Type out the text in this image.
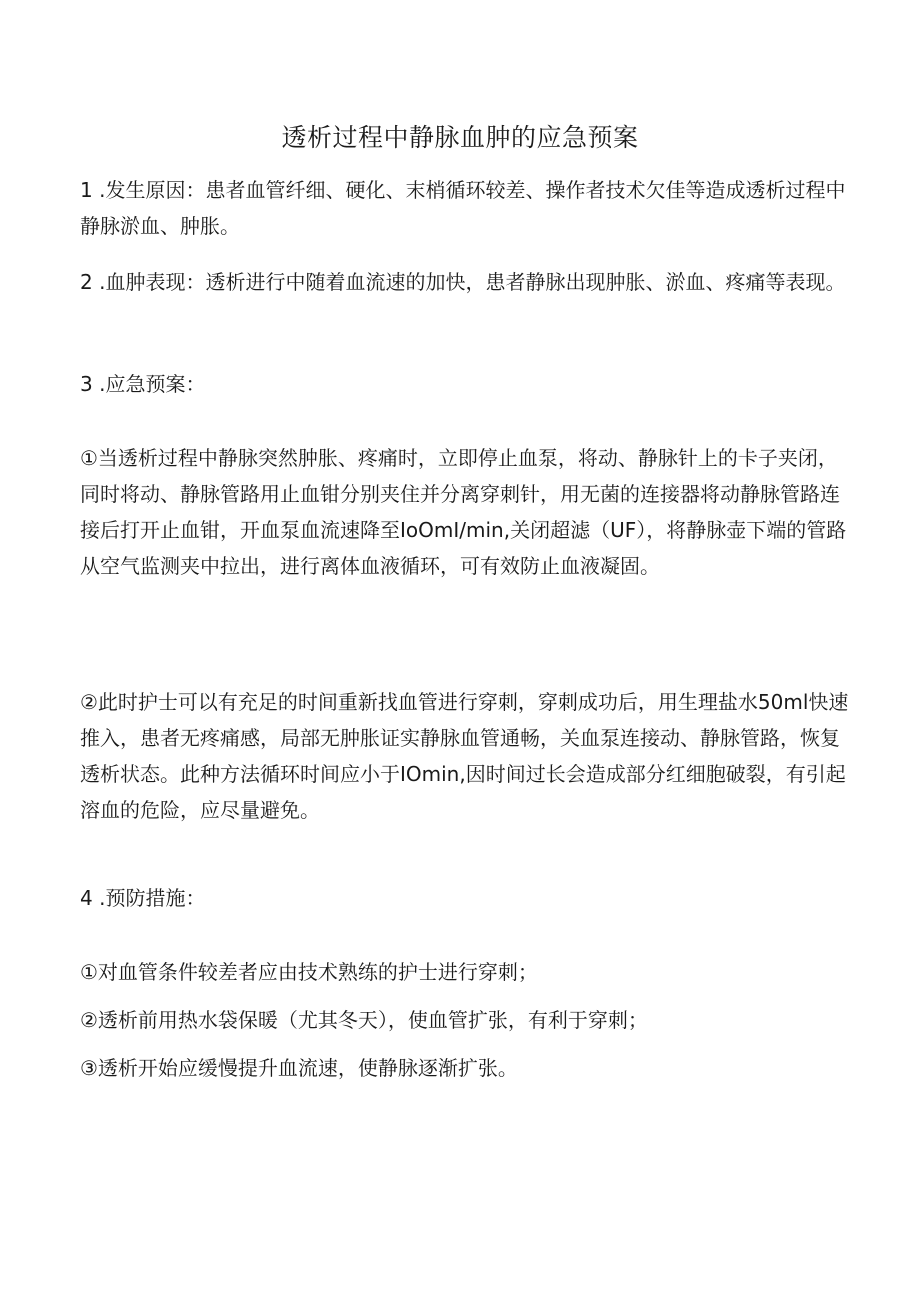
透析过程中静脉血肿的应急预案

1 .发生原因：患者血管纤细、硬化、末梢循环较差、操作者技术欠佳等造成透析过程中静脉淤血、肿胀。

2 .血肿表现：透析进行中随着血流速的加快，患者静脉出现肿胀、淤血、疼痛等表现。

3 .应急预案：

①当透析过程中静脉突然肿胀、疼痛时，立即停止血泵，将动、静脉针上的卡子夹闭，同时将动、静脉管路用止血钳分别夹住并分离穿刺针，用无菌的连接器将动静脉管路连接后打开止血钳，开血泵血流速降至IoOmI/min,关闭超滤（UF），将静脉壶下端的管路从空气监测夹中拉出，进行离体血液循环，可有效防止血液凝固。

②此时护士可以有充足的时间重新找血管进行穿刺，穿刺成功后，用生理盐水50ml快速推入，患者无疼痛感，局部无肿胀证实静脉血管通畅，关血泵连接动、静脉管路，恢复透析状态。此种方法循环时间应小于IOmin,因时间过长会造成部分红细胞破裂，有引起溶血的危险，应尽量避免。

4 .预防措施：

①对血管条件较差者应由技术熟练的护士进行穿刺；

②透析前用热水袋保暖（尤其冬天），使血管扩张，有利于穿刺；

③透析开始应缓慢提升血流速，使静脉逐渐扩张。
